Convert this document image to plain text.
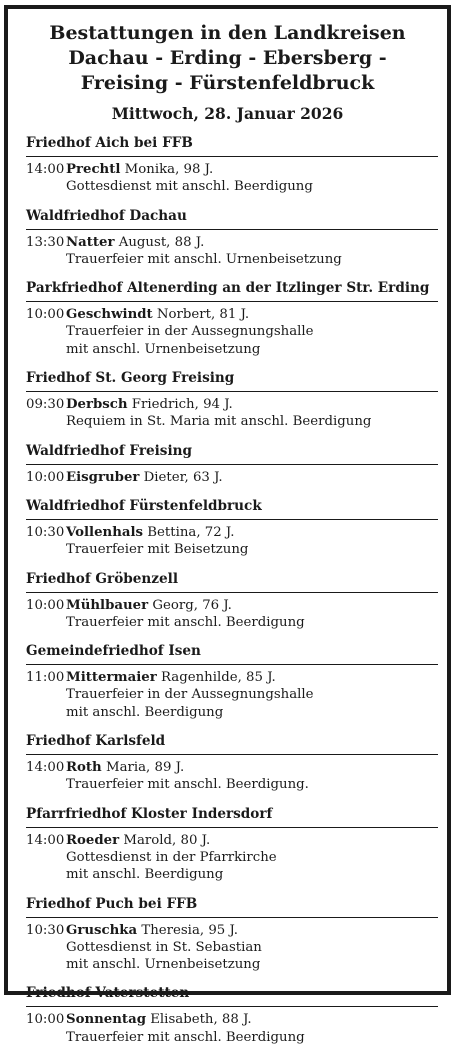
Bestattungen in den Landkreisen
Dachau - Erding - Ebersberg -
Freising - Fürstenfeldbruck
Mittwoch, 28. Januar 2026
Friedhof Aich bei FFB
14:00 Prechtl Monika, 98 J.
Gottesdienst mit anschl. Beerdigung
Waldfriedhof Dachau
13:30 Natter August, 88 J.
Trauerfeier mit anschl. Urnenbeisetzung
Parkfriedhof Altenerding an der Itzlinger Str. Erding
10:00 Geschwindt Norbert, 81 J.
Trauerfeier in der Aussegnungshalle
mit anschl. Urnenbeisetzung
Friedhof St. Georg Freising
09:30 Derbsch Friedrich, 94 J.
Requiem in St. Maria mit anschl. Beerdigung
Waldfriedhof Freising
10:00 Eisgruber Dieter, 63 J.
Waldfriedhof Fürstenfeldbruck
10:30 Vollenhals Bettina, 72 J.
Trauerfeier mit Beisetzung
Friedhof Gröbenzell
10:00 Mühlbauer Georg, 76 J.
Trauerfeier mit anschl. Beerdigung
Gemeindefriedhof Isen
11:00 Mittermaier Ragenhilde, 85 J.
Trauerfeier in der Aussegnungshalle
mit anschl. Beerdigung
Friedhof Karlsfeld
14:00 Roth Maria, 89 J.
Trauerfeier mit anschl. Beerdigung.
Pfarrfriedhof Kloster Indersdorf
14:00 Roeder Marold, 80 J.
Gottesdienst in der Pfarrkirche
mit anschl. Beerdigung
Friedhof Puch bei FFB
10:30 Gruschka Theresia, 95 J.
Gottesdienst in St. Sebastian
mit anschl. Urnenbeisetzung
Friedhof Vaterstetten
10:00 Sonnentag Elisabeth, 88 J.
Trauerfeier mit anschl. Beerdigung
